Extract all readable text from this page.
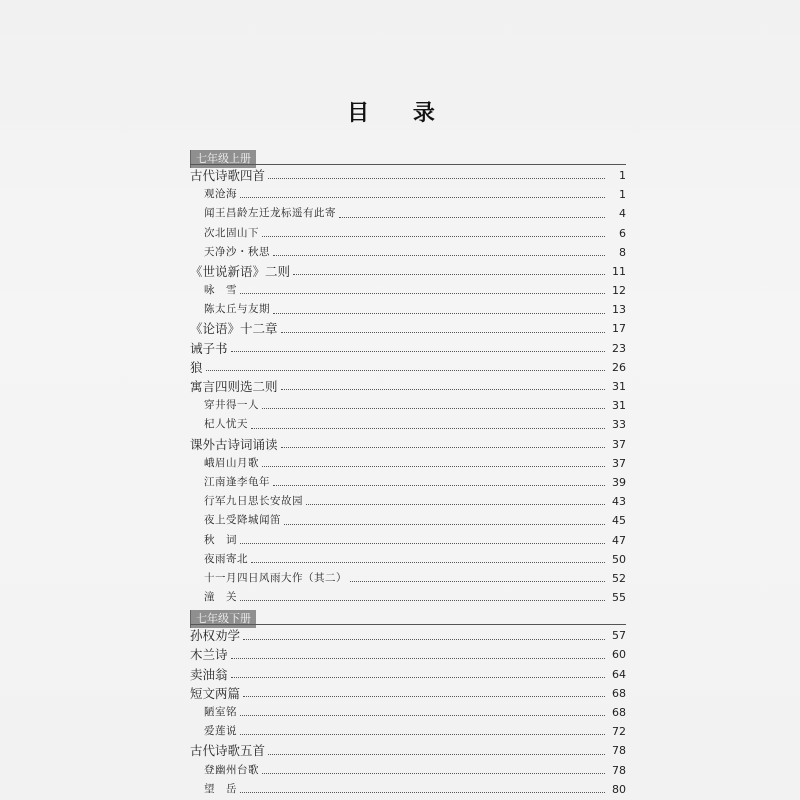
目 录
七年级上册
古代诗歌四首	1
观沧海	1
闻王昌龄左迁龙标遥有此寄	4
次北固山下	6
天净沙・秋思	8
《世说新语》二则	11
咏　雪	12
陈太丘与友期	13
《论语》十二章	17
诫子书	23
狼	26
寓言四则选二则	31
穿井得一人	31
杞人忧天	33
课外古诗词诵读	37
峨眉山月歌	37
江南逢李龟年	39
行军九日思长安故园	43
夜上受降城闻笛	45
秋　词	47
夜雨寄北	50
十一月四日风雨大作（其二）	52
潼　关	55
七年级下册
孙权劝学	57
木兰诗	60
卖油翁	64
短文两篇	68
陋室铭	68
爱莲说	72
古代诗歌五首	78
登幽州台歌	78
望　岳	80
